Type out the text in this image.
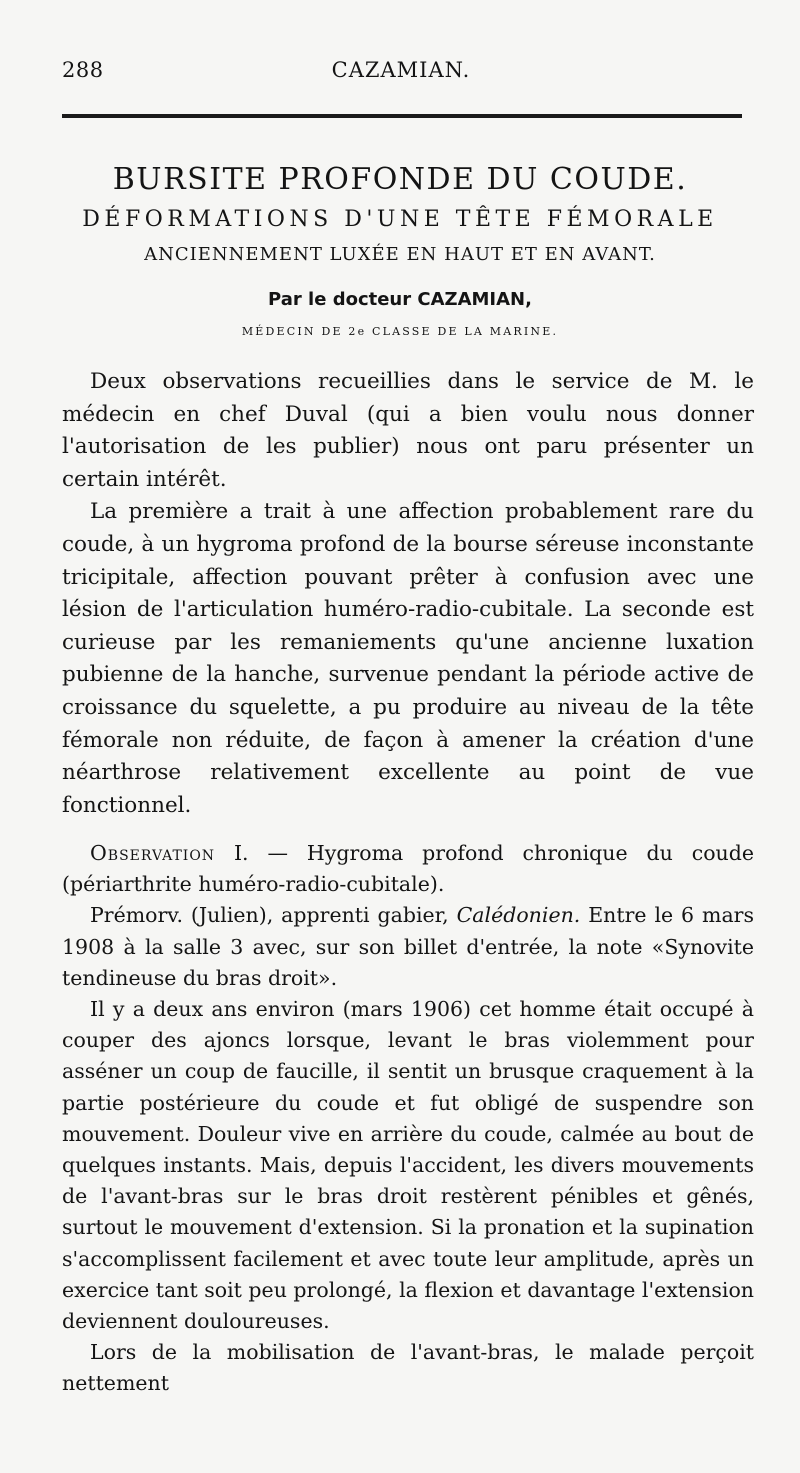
288	CAZAMIAN.
BURSITE PROFONDE DU COUDE.
DÉFORMATIONS D'UNE TÊTE FÉMORALE
ANCIENNEMENT LUXÉE EN HAUT ET EN AVANT.
Par le docteur CAZAMIAN,
MÉDECIN DE 2e CLASSE DE LA MARINE.

Deux observations recueillies dans le service de M. le médecin en chef Duval (qui a bien voulu nous donner l'autorisation de les publier) nous ont paru présenter un certain intérêt.

La première a trait à une affection probablement rare du coude, à un hygroma profond de la bourse séreuse inconstante tricipitale, affection pouvant prêter à confusion avec une lésion de l'articulation huméro-radio-cubitale. La seconde est curieuse par les remaniements qu'une ancienne luxation pubienne de la hanche, survenue pendant la période active de croissance du squelette, a pu produire au niveau de la tête fémorale non réduite, de façon à amener la création d'une néarthrose relativement excellente au point de vue fonctionnel.

Observation I. — Hygroma profond chronique du coude (périarthrite huméro-radio-cubitale).

Prémorv. (Julien), apprenti gabier, Calédonien. Entre le 6 mars 1908 à la salle 3 avec, sur son billet d'entrée, la note «Synovite tendineuse du bras droit».

Il y a deux ans environ (mars 1906) cet homme était occupé à couper des ajoncs lorsque, levant le bras violemment pour asséner un coup de faucille, il sentit un brusque craquement à la partie postérieure du coude et fut obligé de suspendre son mouvement. Douleur vive en arrière du coude, calmée au bout de quelques instants. Mais, depuis l'accident, les divers mouvements de l'avant-bras sur le bras droit restèrent pénibles et gênés, surtout le mouvement d'extension. Si la pronation et la supination s'accomplissent facilement et avec toute leur amplitude, après un exercice tant soit peu prolongé, la flexion et davantage l'extension deviennent douloureuses.

Lors de la mobilisation de l'avant-bras, le malade perçoit nettement
